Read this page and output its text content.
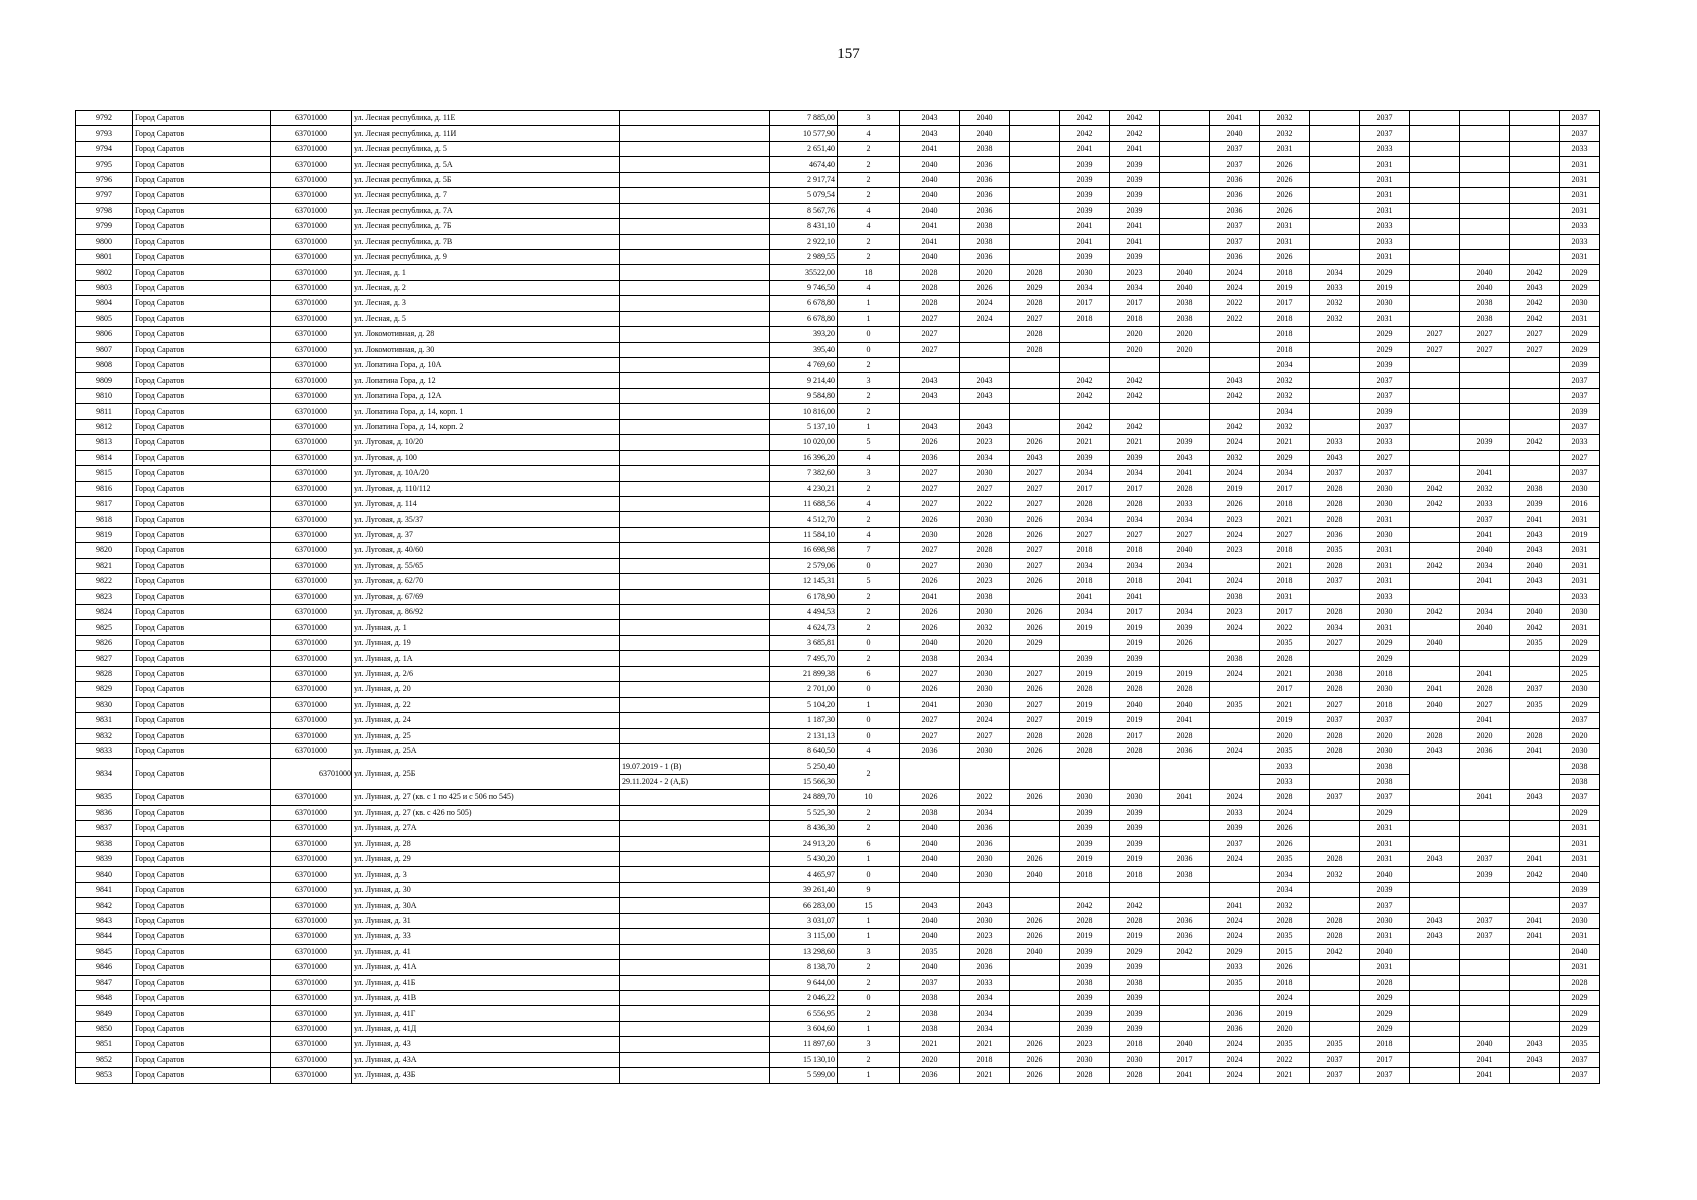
157
9792	Город Саратов	63701000	ул. Лесная республика, д. 11Е		7 885,00	3	2043	2040		2042	2042		2041	2032		2037				2037
9793	Город Саратов	63701000	ул. Лесная республика, д. 11И		10 577,90	4	2043	2040		2042	2042		2040	2032		2037				2037
9794	Город Саратов	63701000	ул. Лесная республика, д. 5		2 651,40	2	2041	2038		2041	2041		2037	2031		2033				2033
9795	Город Саратов	63701000	ул. Лесная республика, д. 5А		4674,40	2	2040	2036		2039	2039		2037	2026		2031				2031
9796	Город Саратов	63701000	ул. Лесная республика, д. 5Б		2 917,74	2	2040	2036		2039	2039		2036	2026		2031				2031
9797	Город Саратов	63701000	ул. Лесная республика, д. 7		5 079,54	2	2040	2036		2039	2039		2036	2026		2031				2031
9798	Город Саратов	63701000	ул. Лесная республика, д. 7А		8 567,76	4	2040	2036		2039	2039		2036	2026		2031				2031
9799	Город Саратов	63701000	ул. Лесная республика, д. 7Б		8 431,10	4	2041	2038		2041	2041		2037	2031		2033				2033
9800	Город Саратов	63701000	ул. Лесная республика, д. 7В		2 922,10	2	2041	2038		2041	2041		2037	2031		2033				2033
9801	Город Саратов	63701000	ул. Лесная республика, д. 9		2 989,55	2	2040	2036		2039	2039		2036	2026		2031				2031
9802	Город Саратов	63701000	ул. Лесная, д. 1		35522,00	18	2028	2020	2028	2030	2023	2040	2024	2018	2034	2029		2040	2042	2029
9803	Город Саратов	63701000	ул. Лесная, д. 2		9 746,50	4	2028	2026	2029	2034	2034	2040	2024	2019	2033	2019		2040	2043	2029
9804	Город Саратов	63701000	ул. Лесная, д. 3		6 678,80	1	2028	2024	2028	2017	2017	2038	2022	2017	2032	2030		2038	2042	2030
9805	Город Саратов	63701000	ул. Лесная, д. 5		6 678,80	1	2027	2024	2027	2018	2018	2038	2022	2018	2032	2031		2038	2042	2031
9806	Город Саратов	63701000	ул. Локомотивная, д. 28		393,20	0	2027		2028		2020	2020		2018		2029	2027	2027	2027	2029
9807	Город Саратов	63701000	ул. Локомотивная, д. 30		395,40	0	2027		2028		2020	2020		2018		2029	2027	2027	2027	2029
9808	Город Саратов	63701000	ул. Лопатина Гора, д. 10А		4 769,60	2								2034		2039				2039
9809	Город Саратов	63701000	ул. Лопатина Гора, д. 12		9 214,40	3	2043	2043		2042	2042		2043	2032		2037				2037
9810	Город Саратов	63701000	ул. Лопатина Гора, д. 12А		9 584,80	2	2043	2043		2042	2042		2042	2032		2037				2037
9811	Город Саратов	63701000	ул. Лопатина Гора, д. 14, корп. 1		10 816,00	2								2034		2039				2039
9812	Город Саратов	63701000	ул. Лопатина Гора, д. 14, корп. 2		5 137,10	1	2043	2043		2042	2042		2042	2032		2037				2037
9813	Город Саратов	63701000	ул. Луговая, д. 10/20		10 020,00	5	2026	2023	2026	2021	2021	2039	2024	2021	2033	2033		2039	2042	2033
9814	Город Саратов	63701000	ул. Луговая, д. 100		16 396,20	4	2036	2034	2043	2039	2039	2043	2032	2029	2043	2027				2027
9815	Город Саратов	63701000	ул. Луговая, д. 10А/20		7 382,60	3	2027	2030	2027	2034	2034	2041	2024	2034	2037	2037		2041		2037
9816	Город Саратов	63701000	ул. Луговая, д. 110/112		4 230,21	2	2027	2027	2027	2017	2017	2028	2019	2017	2028	2030	2042	2032	2038	2030
9817	Город Саратов	63701000	ул. Луговая, д. 114		11 688,56	4	2027	2022	2027	2028	2028	2033	2026	2018	2028	2030	2042	2033	2039	2016
9818	Город Саратов	63701000	ул. Луговая, д. 35/37		4 512,70	2	2026	2030	2026	2034	2034	2034	2023	2021	2028	2031		2037	2041	2031
9819	Город Саратов	63701000	ул. Луговая, д. 37		11 584,10	4	2030	2028	2026	2027	2027	2027	2024	2027	2036	2030		2041	2043	2019
9820	Город Саратов	63701000	ул. Луговая, д. 40/60		16 698,98	7	2027	2028	2027	2018	2018	2040	2023	2018	2035	2031		2040	2043	2031
9821	Город Саратов	63701000	ул. Луговая, д. 55/65		2 579,06	0	2027	2030	2027	2034	2034	2034		2021	2028	2031	2042	2034	2040	2031
9822	Город Саратов	63701000	ул. Луговая, д. 62/70		12 145,31	5	2026	2023	2026	2018	2018	2041	2024	2018	2037	2031		2041	2043	2031
9823	Город Саратов	63701000	ул. Луговая, д. 67/69		6 178,90	2	2041	2038		2041	2041		2038	2031		2033				2033
9824	Город Саратов	63701000	ул. Луговая, д. 86/92		4 494,53	2	2026	2030	2026	2034	2017	2034	2023	2017	2028	2030	2042	2034	2040	2030
9825	Город Саратов	63701000	ул. Лунная, д. 1		4 624,73	2	2026	2032	2026	2019	2019	2039	2024	2022	2034	2031		2040	2042	2031
9826	Город Саратов	63701000	ул. Лунная, д. 19		3 685,81	0	2040	2020	2029		2019	2026		2035	2027	2029	2040		2035	2029
9827	Город Саратов	63701000	ул. Лунная, д. 1А		7 495,70	2	2038	2034		2039	2039		2038	2028		2029				2029
9828	Город Саратов	63701000	ул. Лунная, д. 2/6		21 899,38	6	2027	2030	2027	2019	2019	2019	2024	2021	2038	2018		2041		2025
9829	Город Саратов	63701000	ул. Лунная, д. 20		2 701,00	0	2026	2030	2026	2028	2028	2028		2017	2028	2030	2041	2028	2037	2030
9830	Город Саратов	63701000	ул. Лунная, д. 22		5 104,20	1	2041	2030	2027	2019	2040	2040	2035	2021	2027	2018	2040	2027	2035	2029
9831	Город Саратов	63701000	ул. Лунная, д. 24		1 187,30	0	2027	2024	2027	2019	2019	2041		2019	2037	2037		2041		2037
9832	Город Саратов	63701000	ул. Лунная, д. 25		2 131,13	0	2027	2027	2028	2028	2017	2028		2020	2028	2020	2028	2020	2028	2020
9833	Город Саратов	63701000	ул. Лунная, д. 25А		8 640,50	4	2036	2030	2026	2028	2028	2036	2024	2035	2028	2030	2043	2036	2041	2030
9834	Город Саратов	63701000	ул. Лунная, д. 25Б	19.07.2019 - 1 (В)	5 250,40	2								2033		2038				2038
				29.11.2024 - 2 (А,Б)	15 566,30									2033		2038				2038
9835	Город Саратов	63701000	ул. Лунная, д. 27 (кв. с 1 по 425 и с 506 по 545)		24 889,70	10	2026	2022	2026	2030	2030	2041	2024	2028	2037	2037		2041	2043	2037
9836	Город Саратов	63701000	ул. Лунная, д. 27 (кв. с 426 по 505)		5 525,30	2	2038	2034		2039	2039		2033	2024		2029				2029
9837	Город Саратов	63701000	ул. Лунная, д. 27А		8 436,30	2	2040	2036		2039	2039		2039	2026		2031				2031
9838	Город Саратов	63701000	ул. Лунная, д. 28		24 913,20	6	2040	2036		2039	2039		2037	2026		2031				2031
9839	Город Саратов	63701000	ул. Лунная, д. 29		5 430,20	1	2040	2030	2026	2019	2019	2036	2024	2035	2028	2031	2043	2037	2041	2031
9840	Город Саратов	63701000	ул. Лунная, д. 3		4 465,97	0	2040	2030	2040	2018	2018	2038		2034	2032	2040		2039	2042	2040
9841	Город Саратов	63701000	ул. Лунная, д. 30		39 261,40	9								2034		2039				2039
9842	Город Саратов	63701000	ул. Лунная, д. 30А		66 283,00	15	2043	2043		2042	2042		2041	2032		2037				2037
9843	Город Саратов	63701000	ул. Лунная, д. 31		3 031,07	1	2040	2030	2026	2028	2028	2036	2024	2028	2028	2030	2043	2037	2041	2030
9844	Город Саратов	63701000	ул. Лунная, д. 33		3 115,00	1	2040	2023	2026	2019	2019	2036	2024	2035	2028	2031	2043	2037	2041	2031
9845	Город Саратов	63701000	ул. Лунная, д. 41		13 298,60	3	2035	2028	2040	2039	2029	2042	2029	2015	2042	2040				2040
9846	Город Саратов	63701000	ул. Лунная, д. 41А		8 138,70	2	2040	2036		2039	2039		2033	2026		2031				2031
9847	Город Саратов	63701000	ул. Лунная, д. 41Б		9 644,00	2	2037	2033		2038	2038		2035	2018		2028				2028
9848	Город Саратов	63701000	ул. Лунная, д. 41В		2 046,22	0	2038	2034		2039	2039			2024		2029				2029
9849	Город Саратов	63701000	ул. Лунная, д. 41Г		6 556,95	2	2038	2034		2039	2039		2036	2019		2029				2029
9850	Город Саратов	63701000	ул. Лунная, д. 41Д		3 604,60	1	2038	2034		2039	2039		2036	2020		2029				2029
9851	Город Саратов	63701000	ул. Лунная, д. 43		11 897,60	3	2021	2021	2026	2023	2018	2040	2024	2035	2035	2018		2040	2043	2035
9852	Город Саратов	63701000	ул. Лунная, д. 43А		15 130,10	2	2020	2018	2026	2030	2030	2017	2024	2022	2037	2017		2041	2043	2037
9853	Город Саратов	63701000	ул. Лунная, д. 43Б		5 599,00	1	2036	2021	2026	2028	2028	2041	2024	2021	2037	2037		2041		2037
